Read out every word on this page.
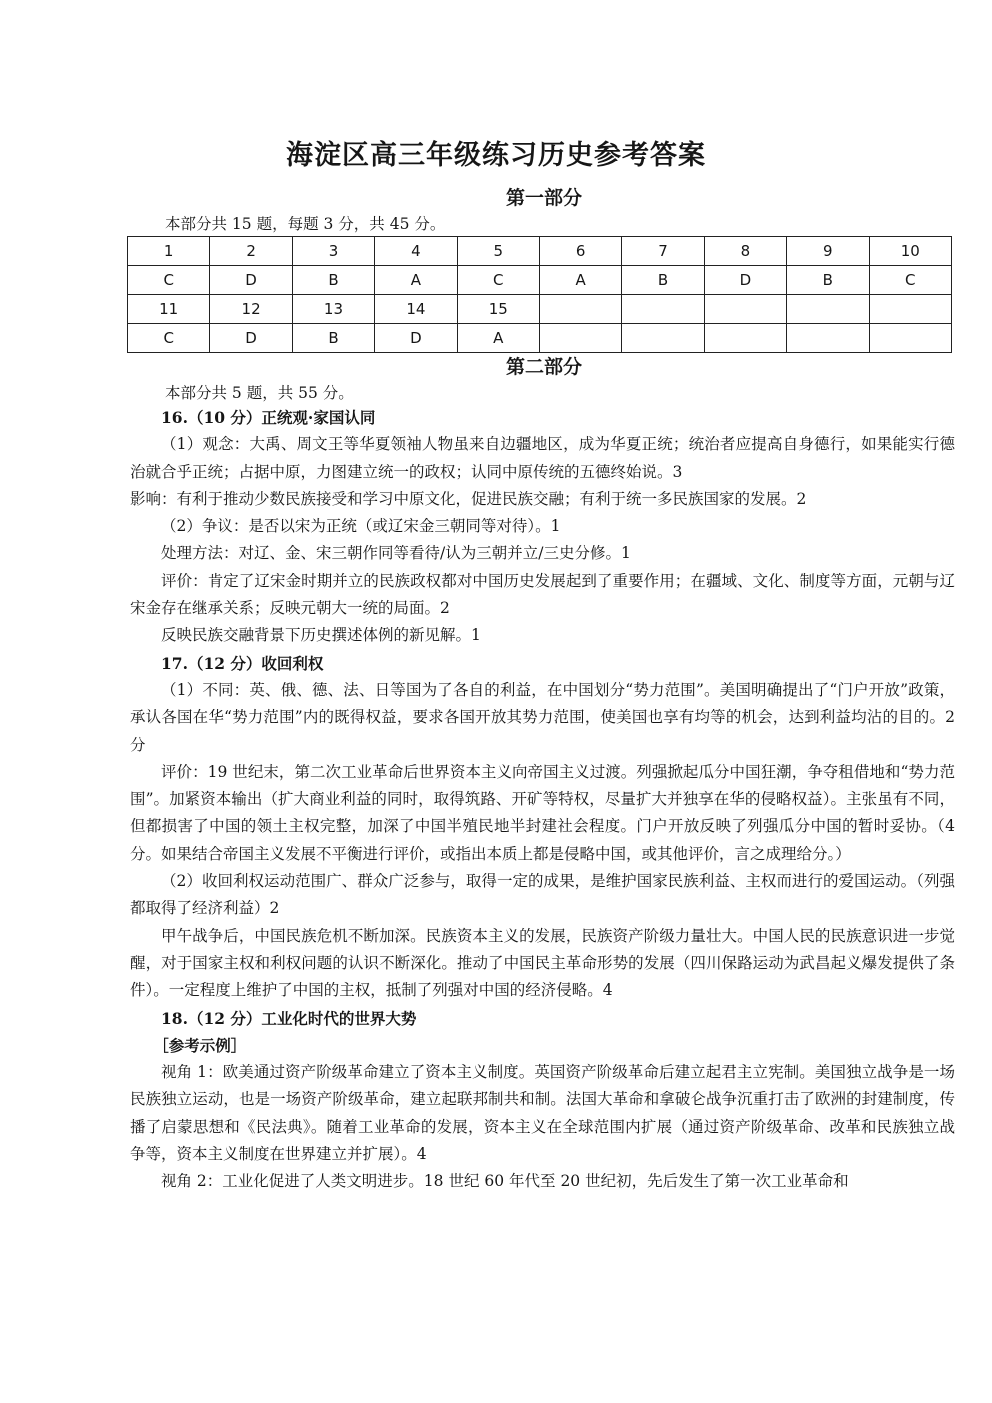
海淀区高三年级练习历史参考答案
第一部分
本部分共 15 题，每题 3 分，共 45 分。
1	2	3	4	5	6	7	8	9	10
C	D	B	A	C	A	B	D	B	C
11	12	13	14	15					
C	D	B	D	A					
第二部分
本部分共 5 题，共 55 分。

16.（10 分）正统观·家国认同

（1）观念：大禹、周文王等华夏领袖人物虽来自边疆地区，成为华夏正统；统治者应提高自身德行，如果能实行德治就合乎正统；占据中原，力图建立统一的政权；认同中原传统的五德终始说。3

影响：有利于推动少数民族接受和学习中原文化，促进民族交融；有利于统一多民族国家的发展。2

（2）争议：是否以宋为正统（或辽宋金三朝同等对待）。1

处理方法：对辽、金、宋三朝作同等看待/认为三朝并立/三史分修。1

评价：肯定了辽宋金时期并立的民族政权都对中国历史发展起到了重要作用；在疆域、文化、制度等方面，元朝与辽宋金存在继承关系；反映元朝大一统的局面。2

反映民族交融背景下历史撰述体例的新见解。1

17.（12 分）收回利权

（1）不同：英、俄、德、法、日等国为了各自的利益，在中国划分“势力范围”。美国明确提出了“门户开放”政策，承认各国在华“势力范围”内的既得权益，要求各国开放其势力范围，使美国也享有均等的机会，达到利益均沾的目的。2 分

评价：19 世纪末，第二次工业革命后世界资本主义向帝国主义过渡。列强掀起瓜分中国狂潮，争夺租借地和“势力范围”。加紧资本输出（扩大商业利益的同时，取得筑路、开矿等特权，尽量扩大并独享在华的侵略权益）。主张虽有不同，但都损害了中国的领土主权完整，加深了中国半殖民地半封建社会程度。门户开放反映了列强瓜分中国的暂时妥协。（4 分。如果结合帝国主义发展不平衡进行评价，或指出本质上都是侵略中国，或其他评价，言之成理给分。）

（2）收回利权运动范围广、群众广泛参与，取得一定的成果，是维护国家民族利益、主权而进行的爱国运动。（列强都取得了经济利益）2

甲午战争后，中国民族危机不断加深。民族资本主义的发展，民族资产阶级力量壮大。中国人民的民族意识进一步觉醒，对于国家主权和利权问题的认识不断深化。推动了中国民主革命形势的发展（四川保路运动为武昌起义爆发提供了条件）。一定程度上维护了中国的主权，抵制了列强对中国的经济侵略。4

18.（12 分）工业化时代的世界大势

［参考示例］

视角 1：欧美通过资产阶级革命建立了资本主义制度。英国资产阶级革命后建立起君主立宪制。美国独立战争是一场民族独立运动，也是一场资产阶级革命，建立起联邦制共和制。法国大革命和拿破仑战争沉重打击了欧洲的封建制度，传播了启蒙思想和《民法典》。随着工业革命的发展，资本主义在全球范围内扩展（通过资产阶级革命、改革和民族独立战争等，资本主义制度在世界建立并扩展）。4

视角 2：工业化促进了人类文明进步。18 世纪 60 年代至 20 世纪初，先后发生了第一次工业革命和
